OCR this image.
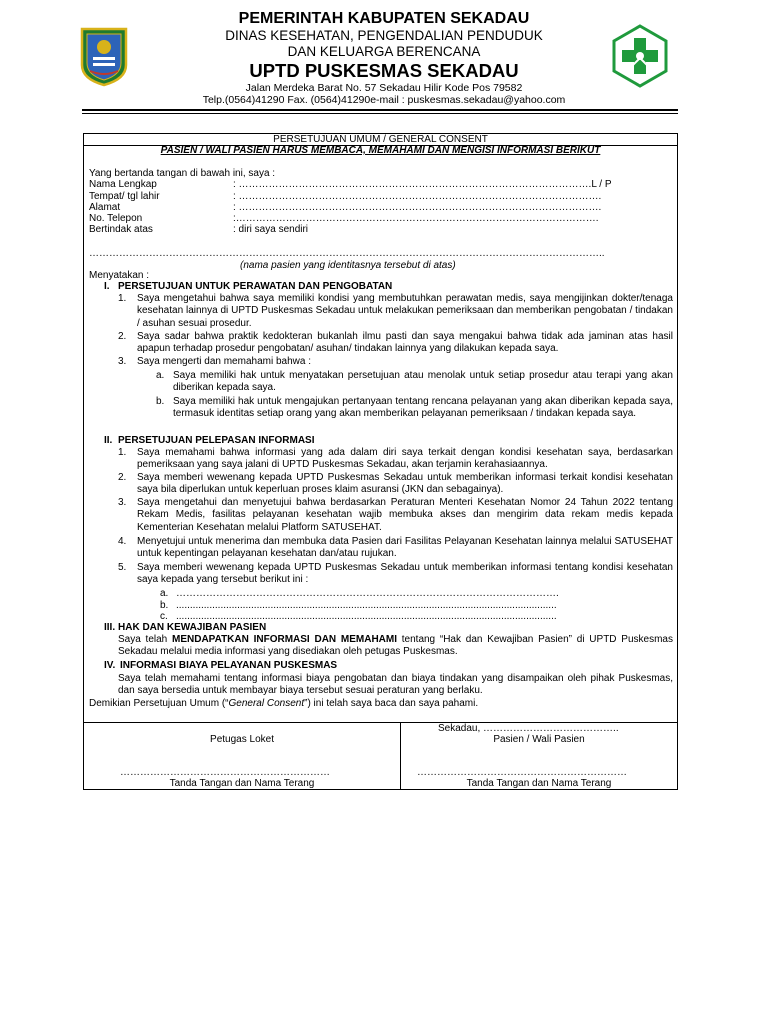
PEMERINTAH KABUPATEN SEKADAU
DINAS KESEHATAN, PENGENDALIAN PENDUDUK
DAN KELUARGA BERENCANA
UPTD PUSKESMAS SEKADAU
Jalan Merdeka Barat No. 57 Sekadau Hilir Kode Pos 79582
Telp.(0564)41290 Fax. (0564)41290e-mail : puskesmas.sekadau@yahoo.com
PERSETUJUAN UMUM / GENERAL CONSENT
PASIEN / WALI PASIEN HARUS MEMBACA, MEMAHAMI DAN MENGISI INFORMASI BERIKUT
Yang bertanda tangan di bawah ini, saya :
Nama Lengkap	: …………………………………………………………………………………………….L / P
Tempat/ tgl lahir	: ……………………………………………………………………………………………….
Alamat	: ……………………………………………………………………………………………….
No. Telepon	:……………………………………………………………………………………………….
Bertindak atas	: diri saya sendiri
………………………………………………………………………………………………………………………………………..
(nama pasien yang identitasnya tersebut di atas)
Menyatakan :
I. PERSETUJUAN UNTUK PERAWATAN DAN PENGOBATAN
1. Saya mengetahui bahwa saya memiliki kondisi yang membutuhkan perawatan medis, saya mengijinkan dokter/tenaga kesehatan lainnya di UPTD Puskesmas Sekadau untuk melakukan pemeriksaan dan memberikan pengobatan / tindakan / asuhan sesuai prosedur.
2. Saya sadar bahwa praktik kedokteran bukanlah ilmu pasti dan saya mengakui bahwa tidak ada jaminan atas hasil apapun terhadap prosedur pengobatan/ asuhan/ tindakan lainnya yang dilakukan kepada saya.
3. Saya mengerti dan memahami bahwa :
a. Saya memiliki hak untuk menyatakan persetujuan atau menolak untuk setiap prosedur atau terapi yang akan diberikan kepada saya.
b. Saya memiliki hak untuk mengajukan pertanyaan tentang rencana pelayanan yang akan diberikan kepada saya, termasuk identitas setiap orang yang akan memberikan pelayanan pemeriksaan / tindakan kepada saya.
II. PERSETUJUAN PELEPASAN INFORMASI
1. Saya memahami bahwa informasi yang ada dalam diri saya terkait dengan kondisi kesehatan saya, berdasarkan pemeriksaan yang saya jalani di UPTD Puskesmas Sekadau, akan terjamin kerahasiaannya.
2. Saya memberi wewenang kepada UPTD Puskesmas Sekadau untuk memberikan informasi terkait kondisi kesehatan saya bila diperlukan untuk keperluan proses klaim asuransi (JKN dan sebagainya).
3. Saya mengetahui dan menyetujui bahwa berdasarkan Peraturan Menteri Kesehatan Nomor 24 Tahun 2022 tentang Rekam Medis, fasilitas pelayanan kesehatan wajib membuka akses dan mengirim data rekam medis kepada Kementerian Kesehatan melalui Platform SATUSEHAT.
4. Menyetujui untuk menerima dan membuka data Pasien dari Fasilitas Pelayanan Kesehatan lainnya melalui SATUSEHAT untuk kepentingan pelayanan kesehatan dan/atau rujukan.
5. Saya memberi wewenang kepada UPTD Puskesmas Sekadau untuk memberikan informasi tentang kondisi kesehatan saya kepada yang tersebut berikut ini :
a. …………………………………………………………………………………………………….
b. .........................................................................................................................................
c. .........................................................................................................................................
III. HAK DAN KEWAJIBAN PASIEN
Saya telah MENDAPATKAN INFORMASI DAN MEMAHAMI tentang “Hak dan Kewajiban Pasien” di UPTD Puskesmas Sekadau melalui media informasi yang disediakan oleh petugas Puskesmas.
IV. INFORMASI BIAYA PELAYANAN PUSKESMAS
Saya telah memahami tentang informasi biaya pengobatan dan biaya tindakan yang disampaikan oleh pihak Puskesmas, dan saya bersedia untuk membayar biaya tersebut sesuai peraturan yang berlaku.
Demikian Persetujuan Umum (“General Consent”) ini telah saya baca dan saya pahami.
Sekadau, …………………………………..
Petugas Loket	Pasien / Wali Pasien
………………………………………………………	………………………………………………………
Tanda Tangan dan Nama Terang	Tanda Tangan dan Nama Terang
